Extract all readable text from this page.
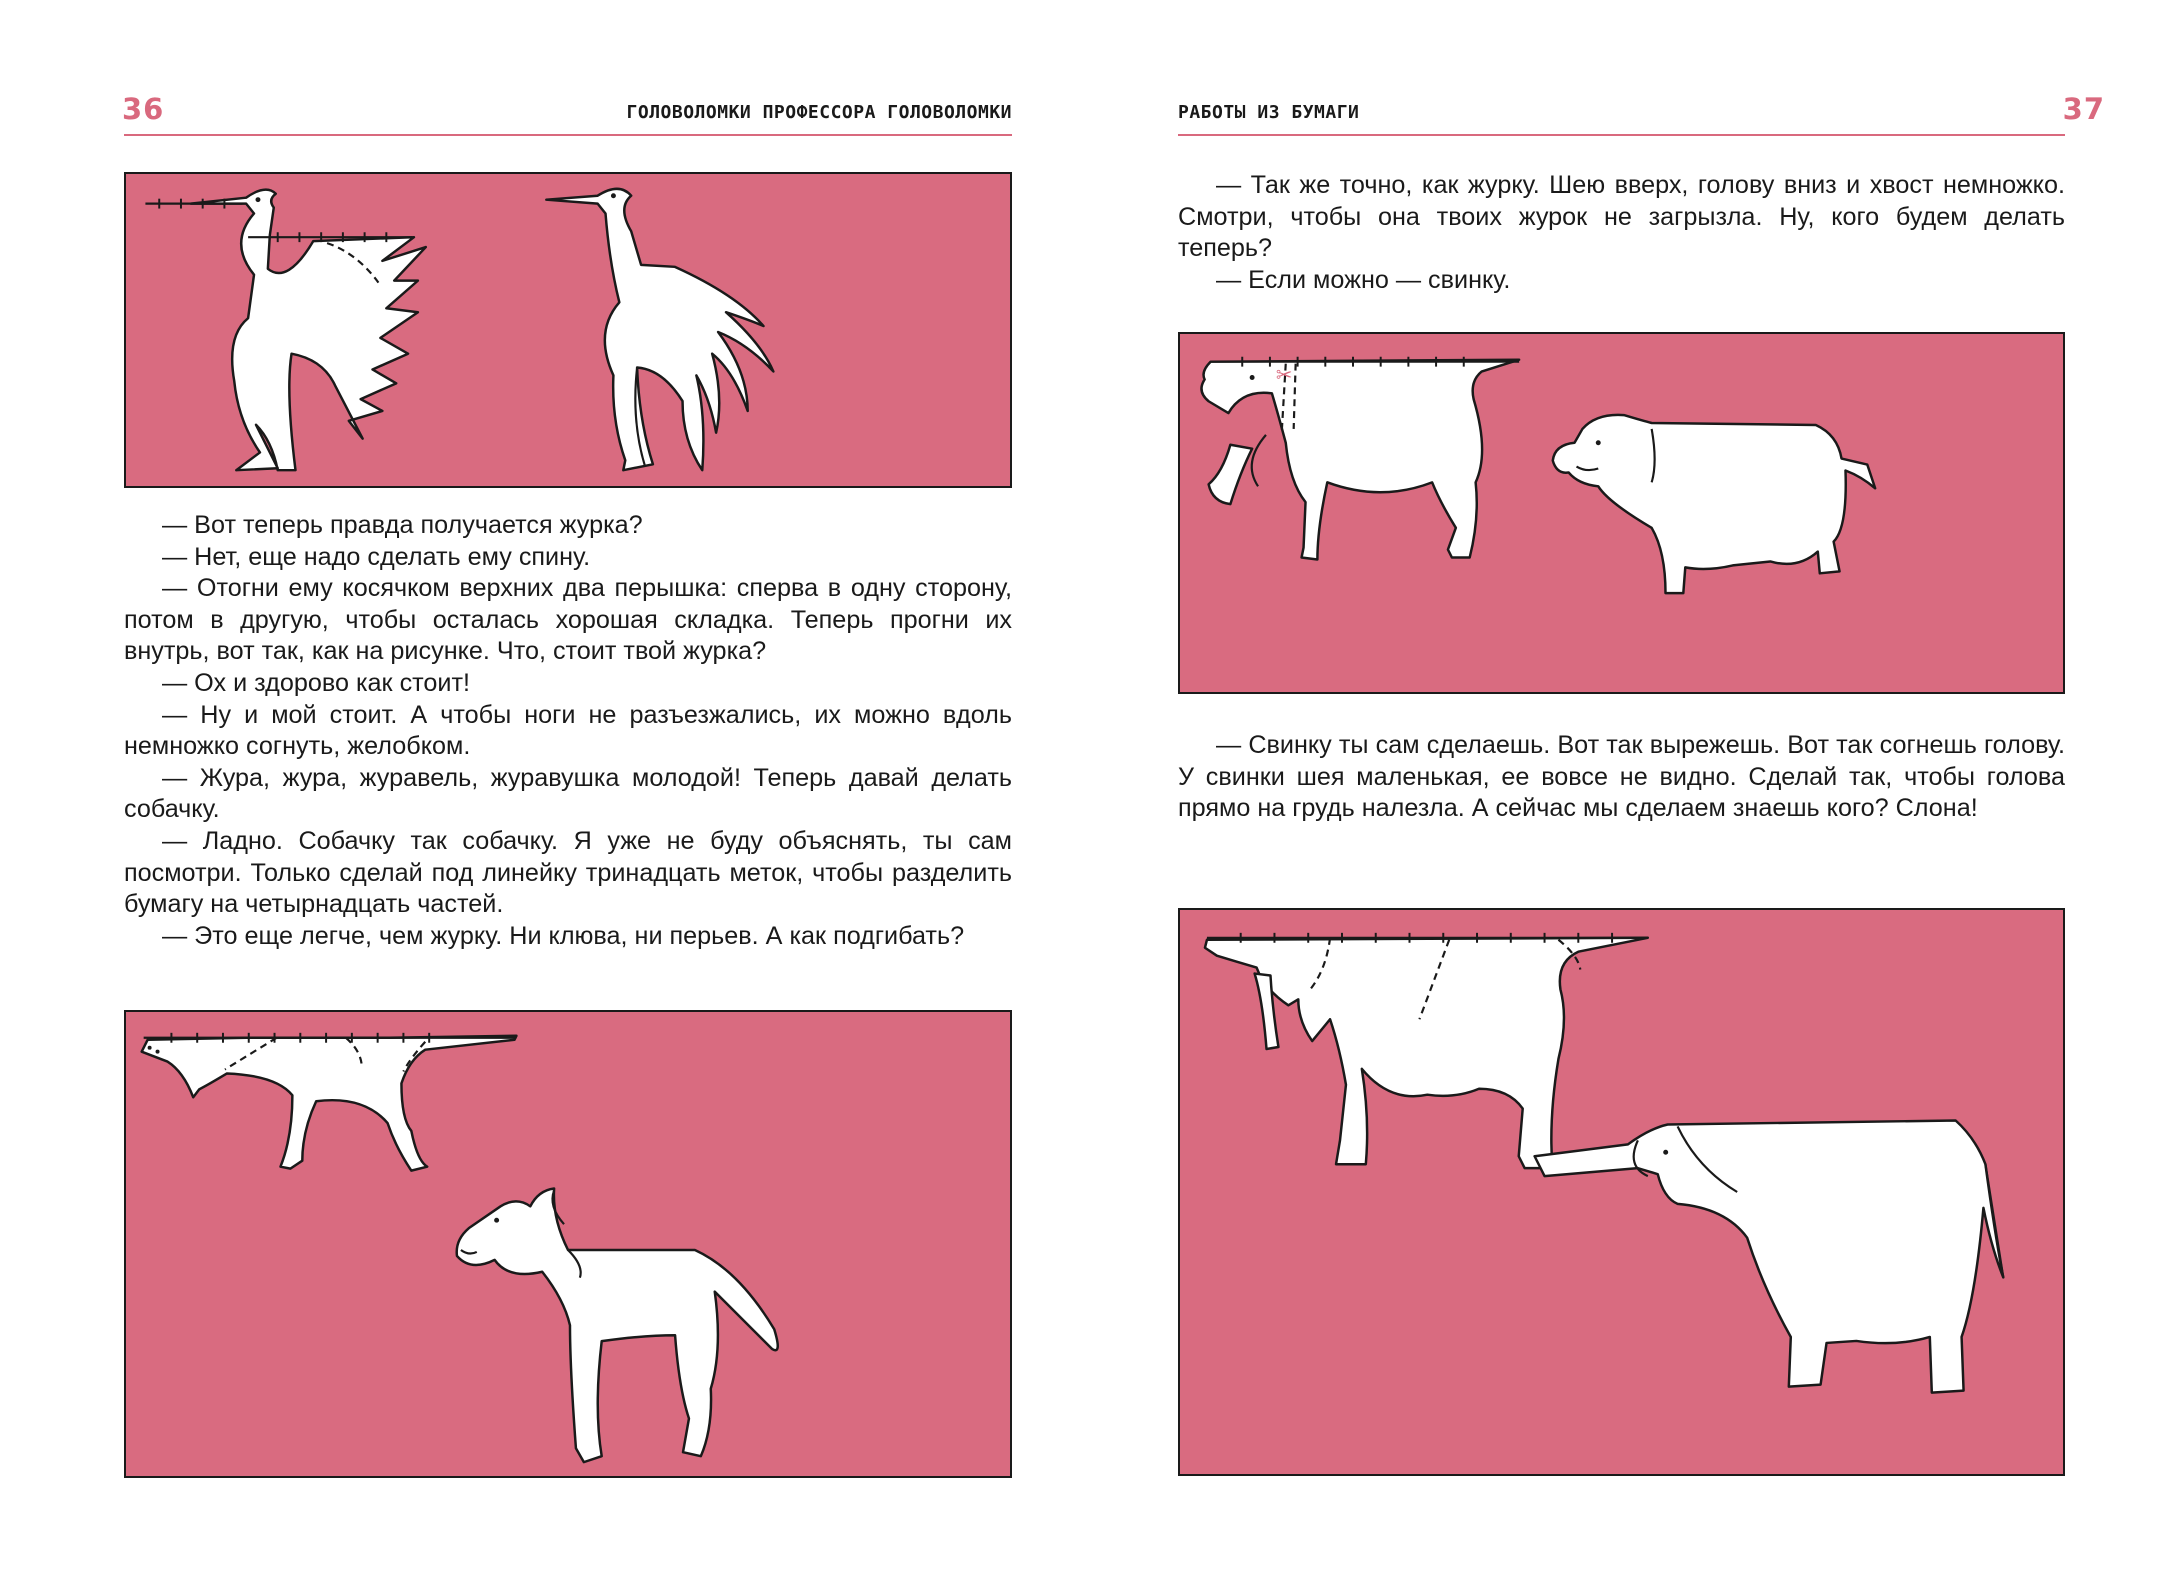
36	ГОЛОВОЛОМКИ ПРОФЕССОРА ГОЛОВОЛОМКИ

— Вот теперь правда получается журка?

— Нет, еще надо сделать ему спину.

— Отогни ему косячком верхних два перышка: сперва в одну сторону, потом в другую, чтобы осталась хорошая складка. Теперь прогни их внутрь, вот так, как на рисунке. Что, стоит твой журка?

— Ох и здорово как стоит!

— Ну и мой стоит. А чтобы ноги не разъезжались, их можно вдоль немножко согнуть, желобком.

— Жура, жура, журавель, журавушка молодой! Теперь давай делать собачку.

— Ладно. Собачку так собачку. Я уже не буду объяснять, ты сам посмотри. Только сделай под линейку тринадцать меток, чтобы разделить бумагу на четырнадцать частей.

— Это еще легче, чем журку. Ни клюва, ни перьев. А как подгибать?

РАБОТЫ ИЗ БУМАГИ	37

— Так же точно, как журку. Шею вверх, голову вниз и хвост немножко. Смотри, чтобы она твоих журок не загрызла. Ну, кого будем делать теперь?

— Если можно — свинку.

✂

— Свинку ты сам сделаешь. Вот так вырежешь. Вот так согнешь голову. У свинки шея маленькая, ее вовсе не видно. Сделай так, чтобы голова прямо на грудь налезла. А сейчас мы сделаем знаешь кого? Слона!
